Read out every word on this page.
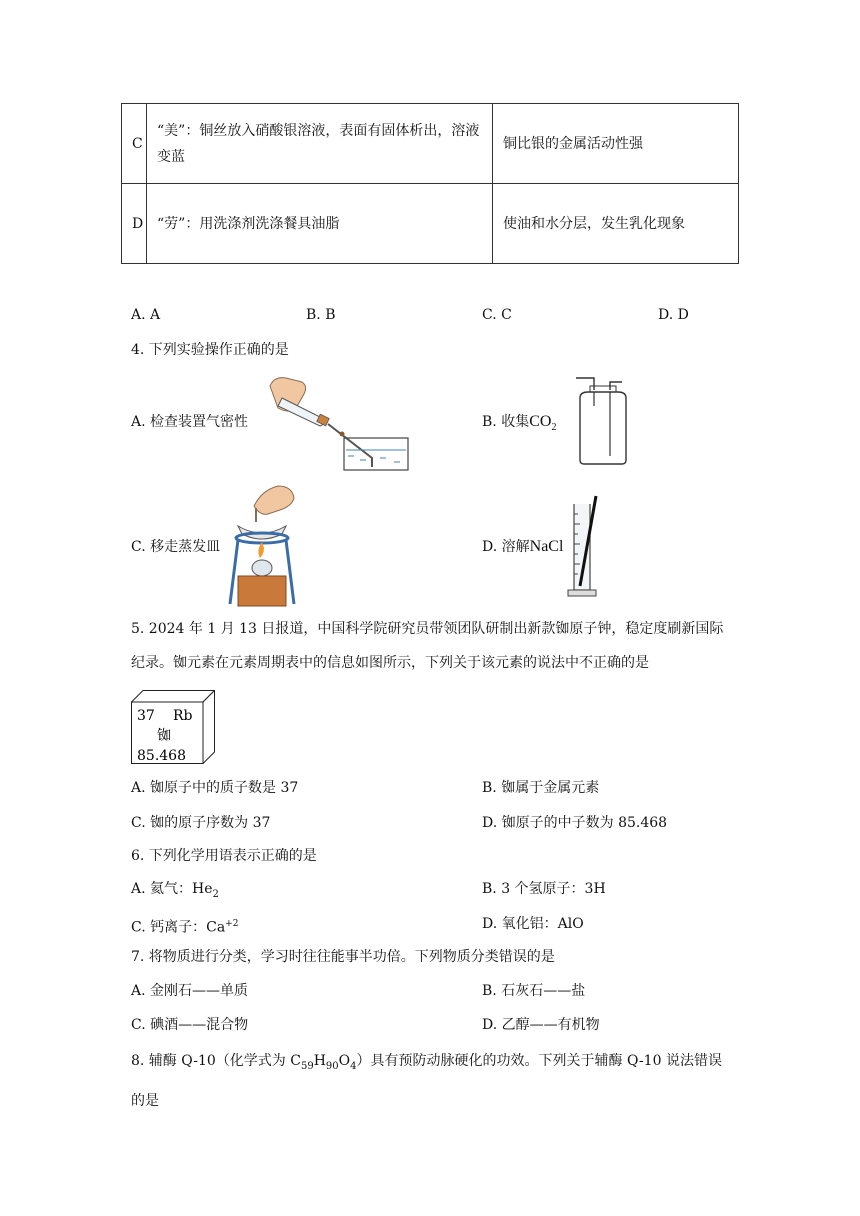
C	“美”：铜丝放入硝酸银溶液，表面有固体析出，溶液变蓝	铜比银的金属活动性强
D	“劳”：用洗涤剂洗涤餐具油脂	使油和水分层，发生乳化现象
A. A	B. B	C. C	D. D
4. 下列实验操作正确的是
A. 检查装置气密性	B. 收集$CO_2$
C. 移走蒸发皿	D. 溶解NaCl
5. 2024 年 1 月 13 日报道，中国科学院研究员带领团队研制出新款铷原子钟，稳定度刷新国际纪录。铷元素在元素周期表中的信息如图所示，下列关于该元素的说法中不正确的是
37 Rb
铷
85.468
A. 铷原子中的质子数是 37	B. 铷属于金属元素
C. 铷的原子序数为 37	D. 铷原子的中子数为 85.468
6. 下列化学用语表示正确的是
A. 氦气：$He_2$	B. 3 个氢原子：3H
C. 钙离子：$Ca^{+2}$	D. 氧化铝：AlO
7. 将物质进行分类，学习时往往能事半功倍。下列物质分类错误的是
A. 金刚石——单质	B. 石灰石——盐
C. 碘酒——混合物	D. 乙醇——有机物
8. 辅酶 Q-10（化学式为 $C_{59}H_{90}O_4$）具有预防动脉硬化的功效。下列关于辅酶 Q-10 说法错误的是
